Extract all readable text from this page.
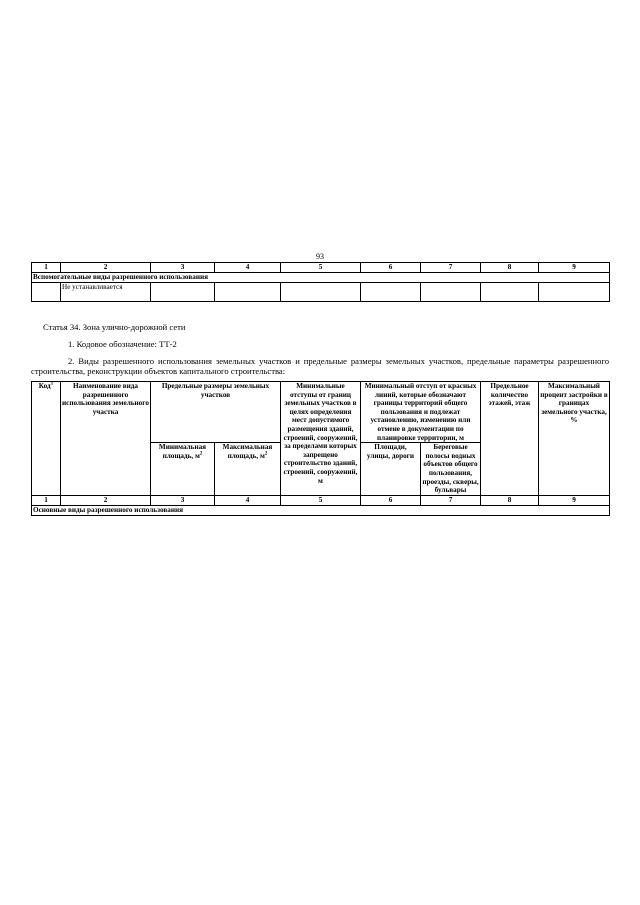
93
1	2	3	4	5	6	7	8	9
Вспомогательные виды разрешенного использования								
	Не устанавливается							
Статья 34. Зона улично-дорожной сети
1. Кодовое обозначение: ТТ-2
2. Виды разрешенного использования земельных участков и предельные размеры земельных участков, предельные параметры разрешенного строительства, реконструкции объектов капитального строительства:
Код$^1$	Наименование вида разрешенного использования земельного участка	Предельные размеры земельных участков		Минимальные отступы от границ земельных участков в целях определения мест допустимого размещения зданий, строений, сооружений, за пределами которых запрещено строительство зданий, строений, сооружений, м	Минимальный отступ от красных линий, которые обозначают границы территорий общего пользования и подлежат установлению, изменению или отмене в документации по планировке территории, м		Предельное количество этажей, этаж	Максимальный процент застройки в границах земельного участка, %
		Минимальная площадь, $м^2$	Максимальная площадь, $м^2$		Площади, улицы, дороги	Береговые полосы водных объектов общего пользования, проезды, скверы, бульвары		
1	2	3	4	5	6	7	8	9
Основные виды разрешенного использования								
